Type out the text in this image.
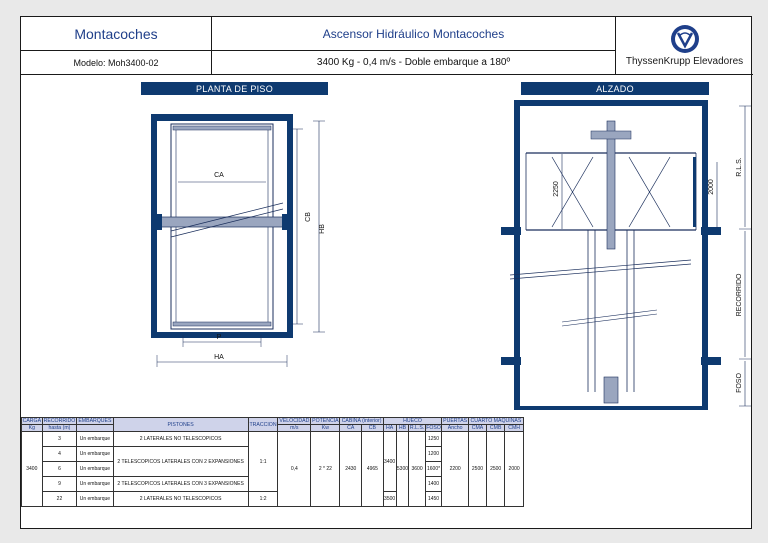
Montacoches
Modelo: Moh3400-02
Ascensor Hidráulico Montacoches
3400 Kg - 0,4 m/s - Doble embarque a 180º	ThyssenKrupp Elevadores
PLANTA DE PISO	ALZADO
CA
P
HA
CB
HB
2250	2000
R.L.S.
RECORRIDO
FOSO
CARGA	RECORRIDO	EMBARQUES	PISTONES	TRACCION	VELOCIDAD	POTENCIA	CABINA (interior)		HUECO				PUERTAS	CUARTO MAQUINAS		
Kg	hasta (m)				m/s	Kw	CA	CB	HA	HB	R.L.S.	FOSO	Ancho	CMA	CMB	CMH
3400	3	Un embarque	2 LATERALES NO TELESCOPICOS	1:1	0,4	2 * 22	2430	4965	3400	5300	3600	1250	2200	2500	2500	2000
	4	Un embarque	2 TELESCOPICOS LATERALES CON 2 EXPANSIONES									1200				
	6	Un embarque										1600*				
	9	Un embarque	2 TELESCOPICOS LATERALES CON 3 EXPANSIONES									1400				
	22	Un embarque	2 LATERALES NO TELESCOPICOS	1:2					3500			1450				
